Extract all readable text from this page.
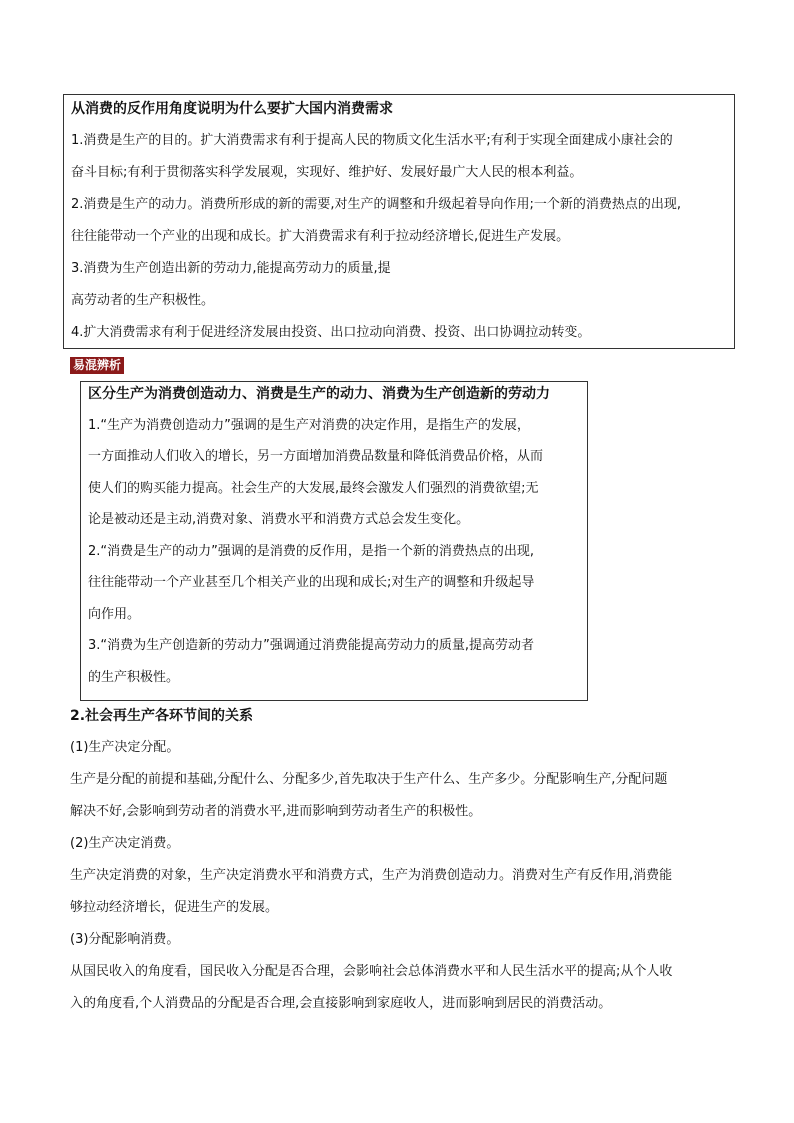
从消费的反作用角度说明为什么要扩大国内消费需求
1.消费是生产的目的。扩大消费需求有利于提高人民的物质文化生活水平;有利于实现全面建成小康社会的
奋斗目标;有利于贯彻落实科学发展观，实现好、维护好、发展好最广大人民的根本利益。
2.消费是生产的动力。消费所形成的新的需要,对生产的调整和升级起着导向作用;一个新的消费热点的出现,
往往能带动一个产业的出现和成长。扩大消费需求有利于拉动经济增长,促进生产发展。
3.消费为生产创造出新的劳动力,能提高劳动力的质量,提
高劳动者的生产积极性。
4.扩大消费需求有利于促进经济发展由投资、出口拉动向消费、投资、出口协调拉动转变。
易混辨析
区分生产为消费创造动力、消费是生产的动力、消费为生产创造新的劳动力
1.“生产为消费创造动力”强调的是生产对消费的决定作用，是指生产的发展，
一方面推动人们收入的增长，另一方面增加消费品数量和降低消费品价格，从而
使人们的购买能力提高。社会生产的大发展,最终会激发人们强烈的消费欲望;无
论是被动还是主动,消费对象、消费水平和消费方式总会发生变化。
2.“消费是生产的动力”强调的是消费的反作用，是指一个新的消费热点的出现,
往往能带动一个产业甚至几个相关产业的出现和成长;对生产的调整和升级起导
向作用。
3.“消费为生产创造新的劳动力”强调通过消费能提高劳动力的质量,提高劳动者
的生产积极性。
2.社会再生产各环节间的关系
(1)生产决定分配。
生产是分配的前提和基础,分配什么、分配多少,首先取决于生产什么、生产多少。分配影响生产,分配问题
解决不好,会影响到劳动者的消费水平,进而影响到劳动者生产的积极性。
(2)生产决定消费。
生产决定消费的对象，生产决定消费水平和消费方式，生产为消费创造动力。消费对生产有反作用,消费能
够拉动经济增长，促进生产的发展。
(3)分配影响消费。
从国民收入的角度看，国民收入分配是否合理，会影响社会总体消费水平和人民生活水平的提高;从个人收
入的角度看,个人消费品的分配是否合理,会直接影响到家庭收人，进而影响到居民的消费活动。
